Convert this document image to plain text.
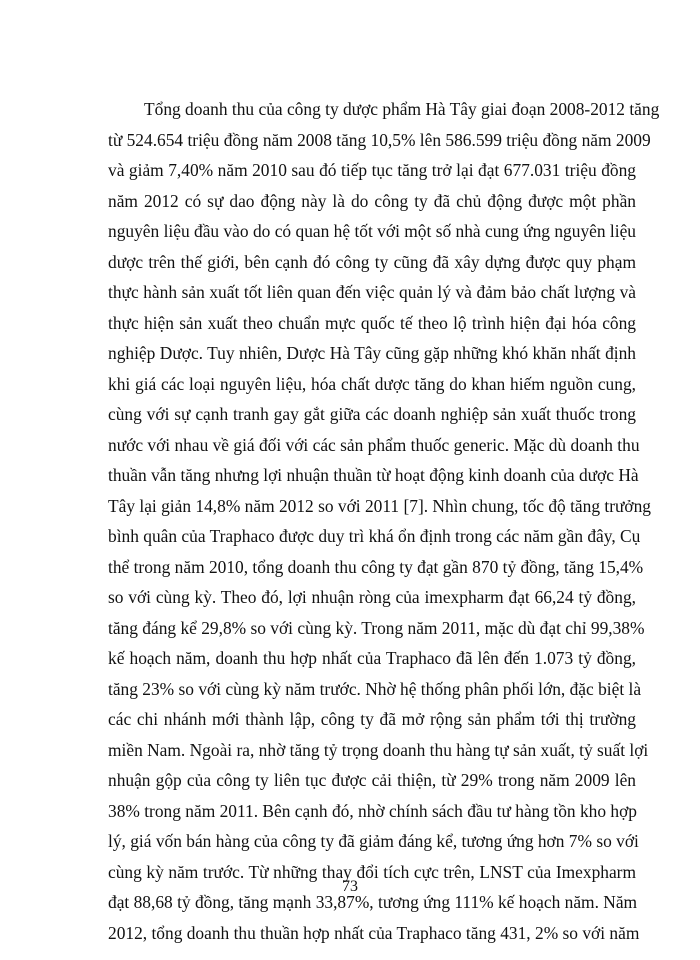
Tổng doanh thu của công ty dược phẩm Hà Tây giai đoạn 2008-2012 tăng
từ 524.654 triệu đồng năm 2008 tăng 10,5% lên 586.599 triệu đồng năm 2009
và giảm 7,40% năm 2010 sau đó tiếp tục tăng trở lại đạt 677.031 triệu đồng
năm 2012 có sự dao động này là do công ty đã chủ động được một phần
nguyên liệu đầu vào do có quan hệ tốt với một số nhà cung ứng nguyên liệu
dược trên thế giới, bên cạnh đó công ty cũng đã xây dựng được quy phạm
thực hành sản xuất tốt liên quan đến việc quản lý và đảm bảo chất lượng và
thực hiện sản xuất theo chuẩn mực quốc tế theo lộ trình hiện đại hóa công
nghiệp Dược. Tuy nhiên, Dược Hà Tây cũng gặp những khó khăn nhất định
khi giá các loại nguyên liệu, hóa chất dược tăng do khan hiếm nguồn cung,
cùng với sự cạnh tranh gay gắt giữa các doanh nghiệp sản xuất thuốc trong
nước với nhau về giá đối với các sản phẩm thuốc generic. Mặc dù doanh thu
thuần vẫn tăng nhưng lợi nhuận thuần từ hoạt động kinh doanh của dược Hà
Tây lại giản 14,8% năm 2012 so với 2011 [7]. Nhìn chung, tốc độ tăng trưởng
bình quân của Traphaco được duy trì khá ổn định trong các năm gần đây, Cụ
thể trong năm 2010, tổng doanh thu công ty đạt gần 870 tỷ đồng, tăng 15,4%
so với cùng kỳ. Theo đó, lợi nhuận ròng của imexpharm đạt 66,24 tỷ đồng,
tăng đáng kể 29,8% so với cùng kỳ. Trong năm 2011, mặc dù đạt chỉ 99,38%
kế hoạch năm, doanh thu hợp nhất của Traphaco đã lên đến 1.073 tỷ đồng,
tăng 23% so với cùng kỳ năm trước. Nhờ hệ thống phân phối lớn, đặc biệt là
các chi nhánh mới thành lập, công ty đã mở rộng sản phẩm tới thị trường
miền Nam. Ngoài ra, nhờ tăng tỷ trọng doanh thu hàng tự sản xuất, tỷ suất lợi
nhuận gộp của công ty liên tục được cải thiện, từ 29% trong năm 2009 lên
38% trong năm 2011. Bên cạnh đó, nhờ chính sách đầu tư hàng tồn kho hợp
lý, giá vốn bán hàng của công ty đã giảm đáng kể, tương ứng hơn 7% so với
cùng kỳ năm trước. Từ những thay đổi tích cực trên, LNST của Imexpharm
đạt 88,68 tỷ đồng, tăng mạnh 33,87%, tương ứng 111% kế hoạch năm. Năm
2012, tổng doanh thu thuần hợp nhất của Traphaco tăng 431, 2% so với năm
73
